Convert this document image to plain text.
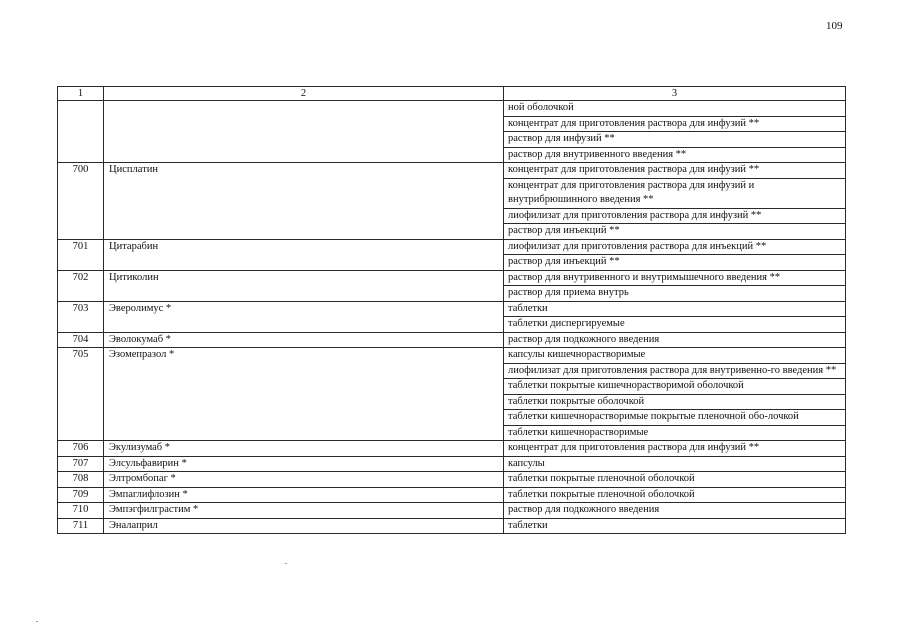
109
1	2	3
		ной оболочкой
		концентрат для приготовления раствора для инфузий **
		раствор для инфузий **
		раствор для внутривенного введения **
700	Цисплатин	концентрат для приготовления раствора для инфузий **
		концентрат для приготовления раствора для инфузий и внутрибрюшинного введения **
		лиофилизат для приготовления раствора для инфузий **
		раствор для инъекций **
701	Цитарабин	лиофилизат для приготовления раствора для инъекций **
		раствор для инъекций **
702	Цитиколин	раствор для внутривенного и внутримышечного введения **
		раствор для приема внутрь
703	Эверолимус *	таблетки
		таблетки диспергируемые
704	Эволокумаб *	раствор для подкожного введения
705	Эзомепразол *	капсулы кишечнорастворимые
		лиофилизат для приготовления раствора для внутривенно-го введения **
		таблетки покрытые кишечнорастворимой оболочкой
		таблетки покрытые оболочкой
		таблетки кишечнорастворимые покрытые пленочной обо-лочкой
		таблетки кишечнорастворимые
706	Экулизумаб *	концентрат для приготовления раствора для инфузий **
707	Элсульфавирин *	капсулы
708	Элтромбопаг *	таблетки покрытые пленочной оболочкой
709	Эмпаглифлозин *	таблетки покрытые пленочной оболочкой
710	Эмпэгфилграстим *	раствор для подкожного введения
711	Эналаприл	таблетки
